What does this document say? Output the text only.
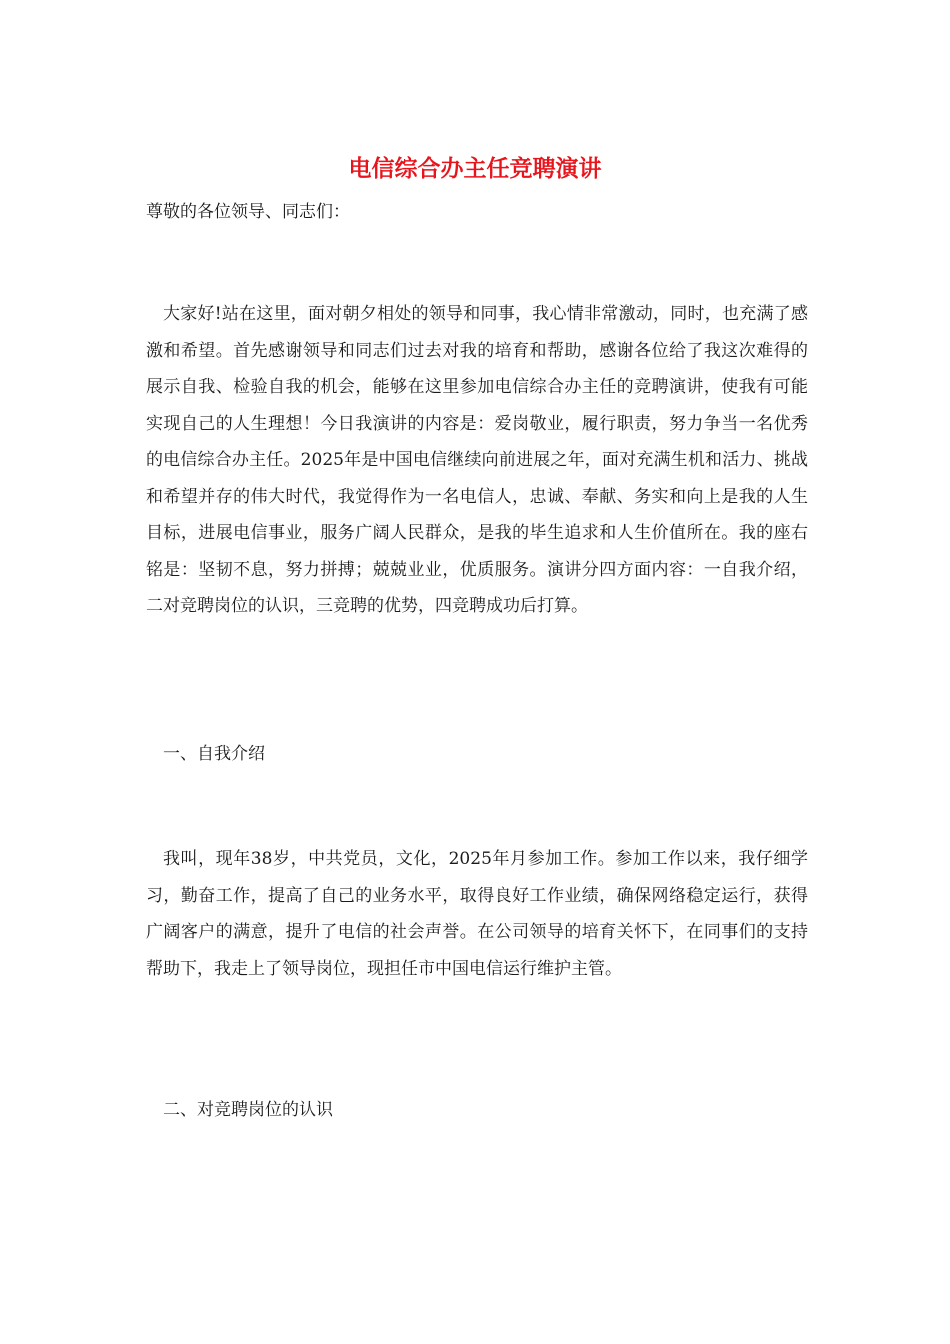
电信综合办主任竞聘演讲

尊敬的各位领导、同志们：

大家好!站在这里，面对朝夕相处的领导和同事，我心情非常激动，同时，也充满了感激和希望。首先感谢领导和同志们过去对我的培育和帮助，感谢各位给了我这次难得的展示自我、检验自我的机会，能够在这里参加电信综合办主任的竞聘演讲，使我有可能实现自己的人生理想！今日我演讲的内容是：爱岗敬业，履行职责，努力争当一名优秀的电信综合办主任。2025年是中国电信继续向前进展之年，面对充满生机和活力、挑战和希望并存的伟大时代，我觉得作为一名电信人，忠诚、奉献、务实和向上是我的人生目标，进展电信事业，服务广阔人民群众，是我的毕生追求和人生价值所在。我的座右铭是：坚韧不息，努力拼搏；兢兢业业，优质服务。演讲分四方面内容：一自我介绍，二对竞聘岗位的认识，三竞聘的优势，四竞聘成功后打算。

一、自我介绍

我叫，现年38岁，中共党员，文化，2025年月参加工作。参加工作以来，我仔细学习，勤奋工作，提高了自己的业务水平，取得良好工作业绩，确保网络稳定运行，获得广阔客户的满意，提升了电信的社会声誉。在公司领导的培育关怀下，在同事们的支持帮助下，我走上了领导岗位，现担任市中国电信运行维护主管。

二、对竞聘岗位的认识
